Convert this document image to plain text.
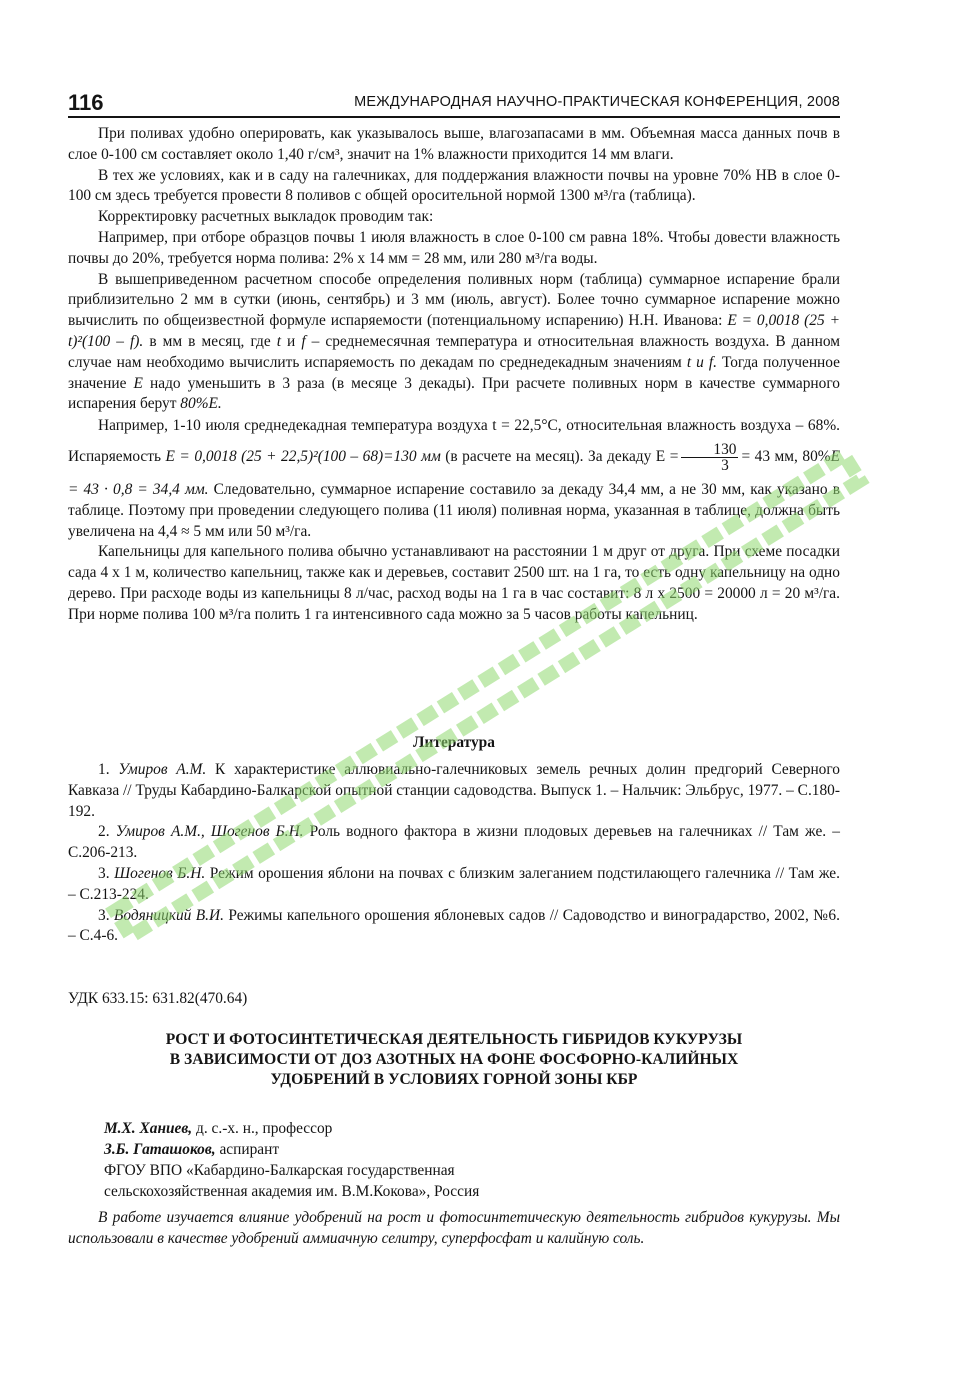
116	МЕЖДУНАРОДНАЯ НАУЧНО-ПРАКТИЧЕСКАЯ КОНФЕРЕНЦИЯ, 2008

При поливах удобно оперировать, как указывалось выше, влагозапасами в мм. Объемная масса данных почв в слое 0-100 см составляет около 1,40 г/см³, значит на 1% влажности приходится 14 мм влаги.

В тех же условиях, как и в саду на галечниках, для поддержания влажности почвы на уровне 70% НВ в слое 0-100 см здесь требуется провести 8 поливов с общей оросительной нормой 1300 м³/га (таблица).

Корректировку расчетных выкладок проводим так:

Например, при отборе образцов почвы 1 июля влажность в слое 0-100 см равна 18%. Чтобы довести влажность почвы до 20%, требуется норма полива: 2% х 14 мм = 28 мм, или 280 м³/га воды.

В вышеприведенном расчетном способе определения поливных норм (таблица) суммарное испарение брали приблизительно 2 мм в сутки (июнь, сентябрь) и 3 мм (июль, август). Более точно суммарное испарение можно вычислить по общеизвестной формуле испаряемости (потенциальному испарению) Н.Н. Иванова: E = 0,0018 (25 + t)²(100 – f). в мм в месяц, где t и f – среднемесячная температура и относительная влажность воздуха. В данном случае нам необходимо вычислить испаряемость по декадам по среднедекадным значениям t и f. Тогда полученное значение E надо уменьшить в 3 раза (в месяце 3 декады). При расчете поливных норм в качестве суммарного испарения берут 80%E.

Например, 1-10 июля среднедекадная температура воздуха t = 22,5°С, относительная влажность воздуха – 68%. Испаряемость E = 0,0018 (25 + 22,5)²(100 – 68)=130 мм (в расчете на месяц). За декаду $Е = \frac{130}{3} = 43$ мм, 80%E = 43 · 0,8 = 34,4 мм. Следовательно, суммарное испарение составило за декаду 34,4 мм, а не 30 мм, как указано в таблице. Поэтому при проведении следующего полива (11 июля) поливная норма, указанная в таблице, должна быть увеличена на 4,4 ≈ 5 мм или 50 м³/га.

Капельницы для капельного полива обычно устанавливают на расстоянии 1 м друг от друга. При схеме посадки сада 4 х 1 м, количество капельниц, также как и деревьев, составит 2500 шт. на 1 га, то есть одну капельницу на одно дерево. При расходе воды из капельницы 8 л/час, расход воды на 1 га в час составит: 8 л х 2500 = 20000 л = 20 м³/га. При норме полива 100 м³/га полить 1 га интенсивного сада можно за 5 часов работы капельниц.

Литература

1. Умиров А.М. К характеристике аллювиально-галечниковых земель речных долин предгорий Северного Кавказа // Труды Кабардино-Балкарской опытной станции садоводства. Выпуск 1. – Нальчик: Эльбрус, 1977. – С.180-192.

2. Умиров А.М., Шогенов Б.Н. Роль водного фактора в жизни плодовых деревьев на галечниках // Там же. – С.206-213.

3. Шогенов Б.Н. Режим орошения яблони на почвах с близким залеганием подстилающего галечника // Там же. – С.213-224.

3. Водяницкий В.И. Режимы капельного орошения яблоневых садов // Садоводство и виноградарство, 2002, №6. – С.4-6.

УДК 633.15: 631.82(470.64)
РОСТ И ФОТОСИНТЕТИЧЕСКАЯ ДЕЯТЕЛЬНОСТЬ ГИБРИДОВ КУКУРУЗЫ
В ЗАВИСИМОСТИ ОТ ДОЗ АЗОТНЫХ НА ФОНЕ ФОСФОРНО-КАЛИЙНЫХ
УДОБРЕНИЙ В УСЛОВИЯХ ГОРНОЙ ЗОНЫ КБР
М.Х. Ханиев, д. с.-х. н., профессор
З.Б. Гаташоков, аспирант
ФГОУ ВПО «Кабардино-Балкарская государственная
сельскохозяйственная академия им. В.М.Кокова», Россия
В работе изучается влияние удобрений на рост и фотосинтетическую деятельность гибридов кукурузы. Мы использовали в качестве удобрений аммиачную селитру, суперфосфат и калийную соль.
